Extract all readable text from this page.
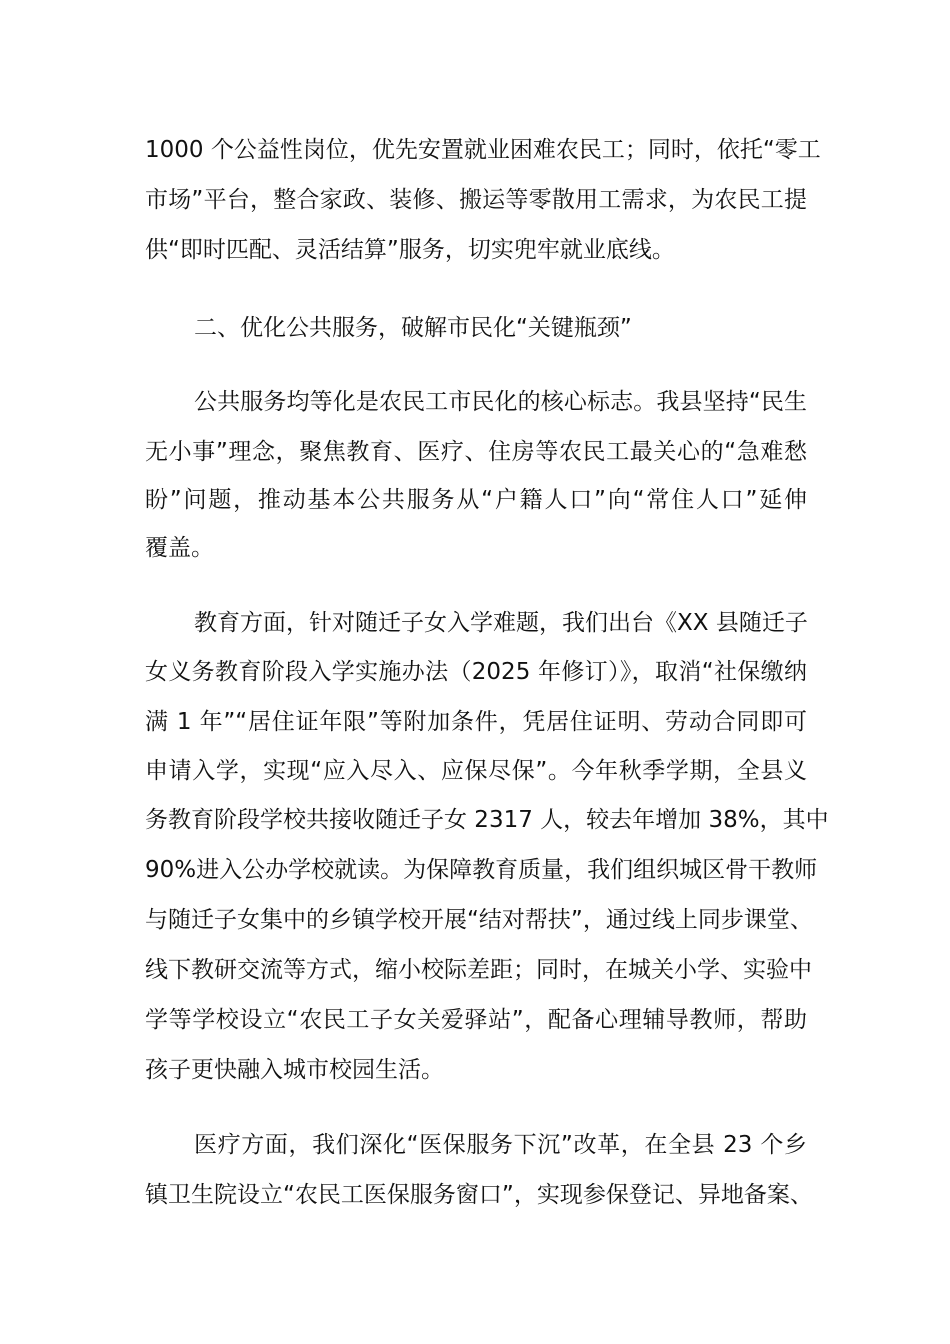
1000 个公益性岗位，优先安置就业困难农民工；同时，依托“零工
市场”平台，整合家政、装修、搬运等零散用工需求，为农民工提
供“即时匹配、灵活结算”服务，切实兜牢就业底线。
二、优化公共服务，破解市民化“关键瓶颈”
公共服务均等化是农民工市民化的核心标志。我县坚持“民生
无小事”理念，聚焦教育、医疗、住房等农民工最关心的“急难愁
盼”问题，推动基本公共服务从“户籍人口”向“常住人口”延伸
覆盖。
教育方面，针对随迁子女入学难题，我们出台《XX 县随迁子
女义务教育阶段入学实施办法（2025 年修订）》，取消“社保缴纳
满 1 年”“居住证年限”等附加条件，凭居住证明、劳动合同即可
申请入学，实现“应入尽入、应保尽保”。今年秋季学期，全县义
务教育阶段学校共接收随迁子女 2317 人，较去年增加 38%，其中
90%进入公办学校就读。为保障教育质量，我们组织城区骨干教师
与随迁子女集中的乡镇学校开展“结对帮扶”，通过线上同步课堂、
线下教研交流等方式，缩小校际差距；同时，在城关小学、实验中
学等学校设立“农民工子女关爱驿站”，配备心理辅导教师，帮助
孩子更快融入城市校园生活。
医疗方面，我们深化“医保服务下沉”改革，在全县 23 个乡
镇卫生院设立“农民工医保服务窗口”，实现参保登记、异地备案、
